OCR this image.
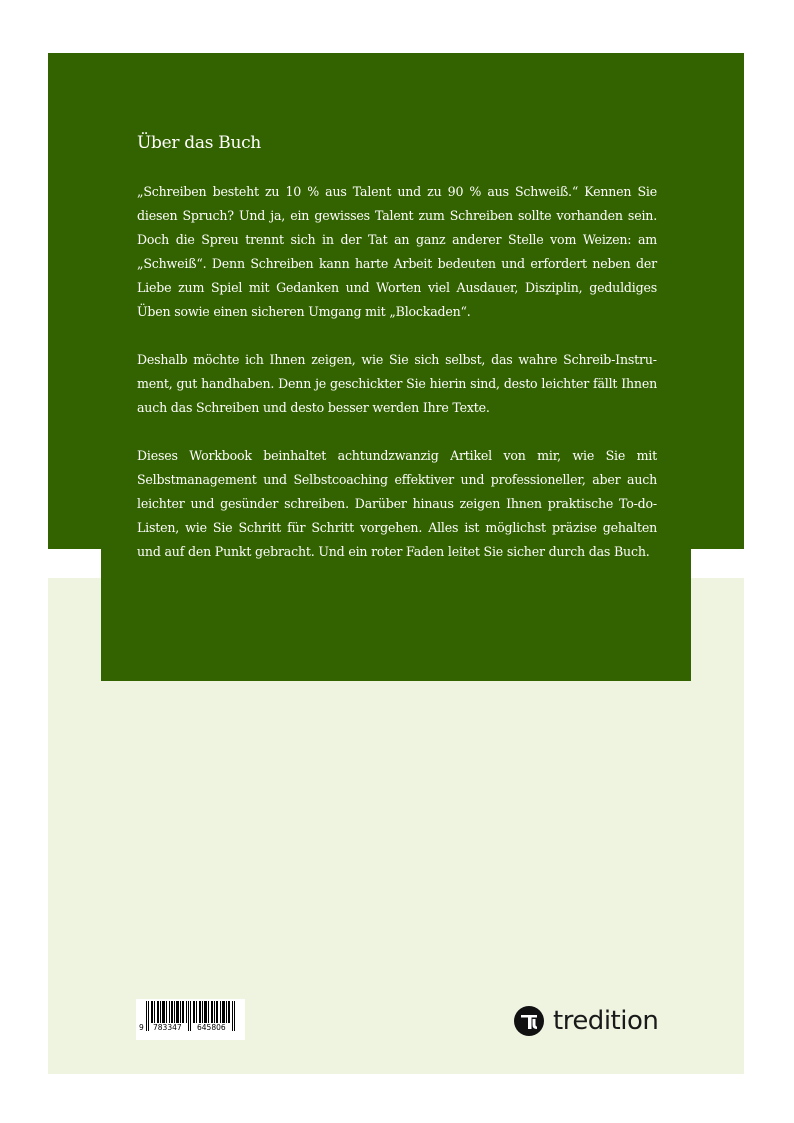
Über das Buch

„Schreiben besteht zu 10 % aus Talent und zu 90 % aus Schweiß.“ Kennen Sie diesen Spruch? Und ja, ein gewisses Talent zum Schreiben sollte vorhanden sein. Doch die Spreu trennt sich in der Tat an ganz anderer Stelle vom Weizen: am „Schweiß“. Denn Schreiben kann harte Arbeit bedeuten und erfordert neben der Liebe zum Spiel mit Gedanken und Worten viel Ausdauer, Disziplin, geduldiges Üben sowie einen sicheren Umgang mit „Blockaden“.

Deshalb möchte ich Ihnen zeigen, wie Sie sich selbst, das wahre Schreib-Instrument, gut handhaben. Denn je geschickter Sie hierin sind, desto leichter fällt Ihnen auch das Schreiben und desto besser werden Ihre Texte.

Dieses Workbook beinhaltet achtundzwanzig Artikel von mir, wie Sie mit Selbstmanagement und Selbstcoaching effektiver und professioneller, aber auch leichter und gesünder schreiben. Darüber hinaus zeigen Ihnen praktische To-do-Listen, wie Sie Schritt für Schritt vorgehen. Alles ist möglichst präzise gehalten und auf den Punkt gebracht. Und ein roter Faden leitet Sie sicher durch das Buch.

9 783347 645806	tredition
